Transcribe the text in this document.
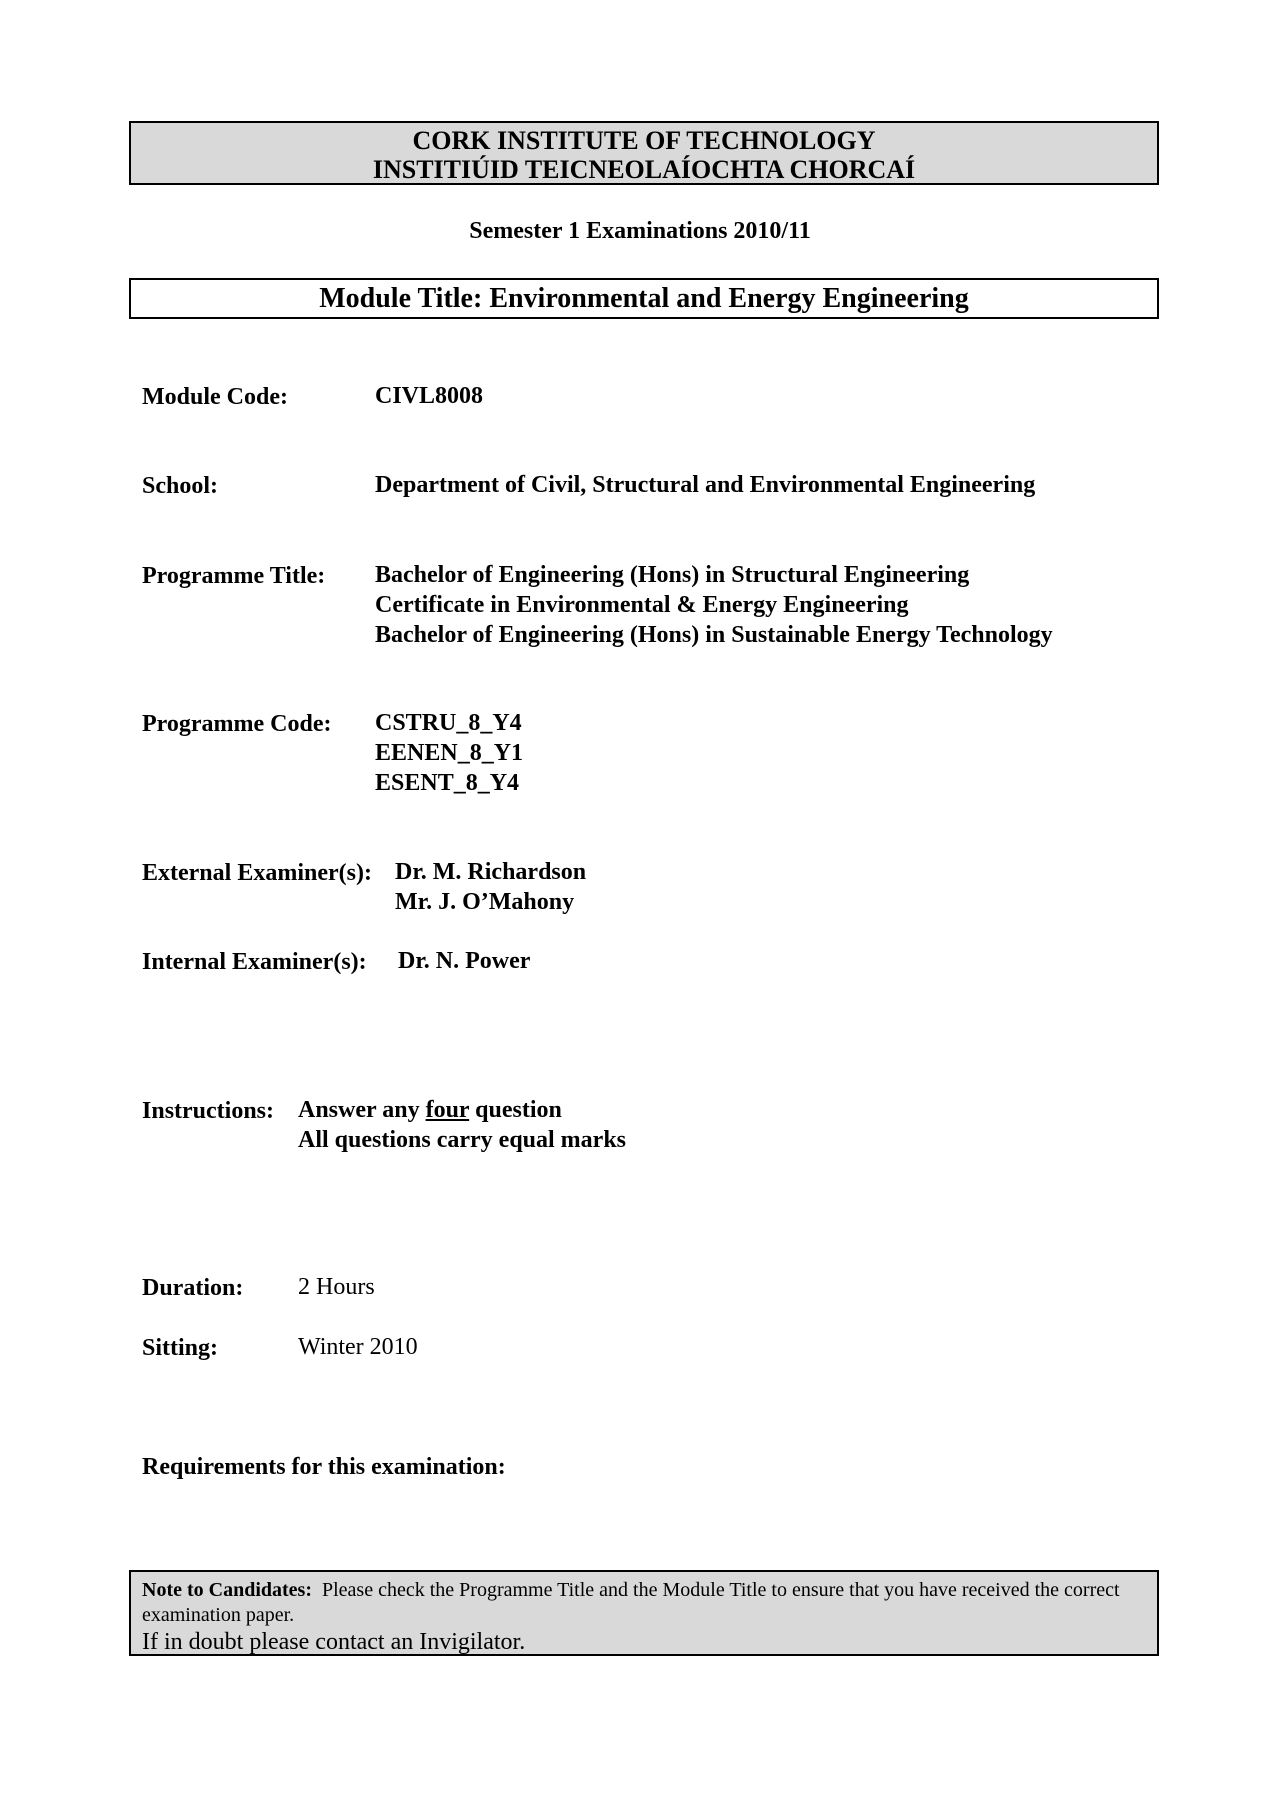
CORK INSTITUTE OF TECHNOLOGY
INSTITIÚID TEICNEOLAÍOCHTA CHORCAÍ
Semester 1 Examinations 2010/11
Module Title: Environmental and Energy Engineering
Module Code:	CIVL8008
School:	Department of Civil, Structural and Environmental Engineering
Programme Title: Bachelor of Engineering (Hons) in Structural Engineering
Certificate in Environmental & Energy Engineering
Bachelor of Engineering (Hons) in Sustainable Energy Technology
Programme Code: CSTRU_8_Y4
EENEN_8_Y1
ESENT_8_Y4
External Examiner(s): Dr. M. Richardson
Mr. J. O’Mahony
Internal Examiner(s): Dr. N. Power
Instructions: Answer any four question
All questions carry equal marks
Duration: 2 Hours
Sitting:	Winter 2010
Requirements for this examination:
Note to Candidates: Please check the Programme Title and the Module Title to ensure that you have received the correct examination paper.
If in doubt please contact an Invigilator.
